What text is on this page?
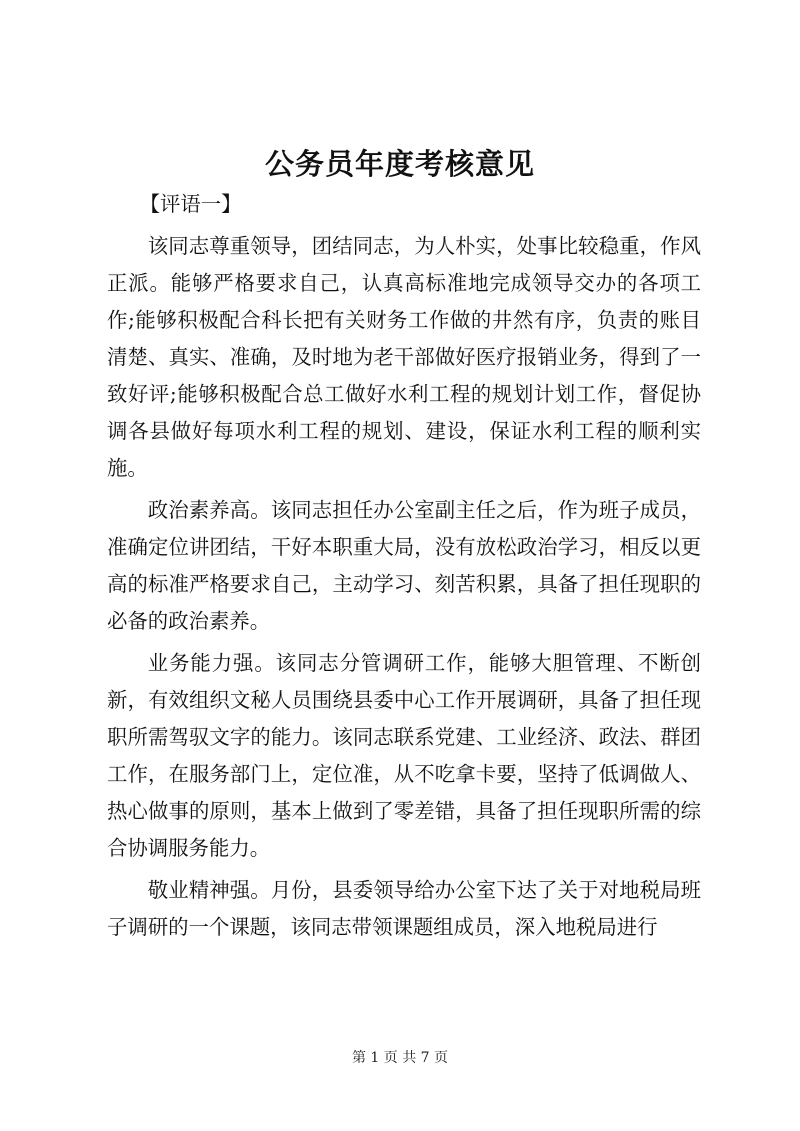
公务员年度考核意见

【评语一】

该同志尊重领导，团结同志，为人朴实，处事比较稳重，作风正派。能够严格要求自己，认真高标准地完成领导交办的各项工作;能够积极配合科长把有关财务工作做的井然有序，负责的账目清楚、真实、准确，及时地为老干部做好医疗报销业务，得到了一致好评;能够积极配合总工做好水利工程的规划计划工作，督促协调各县做好每项水利工程的规划、建设，保证水利工程的顺利实施。

政治素养高。该同志担任办公室副主任之后，作为班子成员，准确定位讲团结，干好本职重大局，没有放松政治学习，相反以更高的标准严格要求自己，主动学习、刻苦积累，具备了担任现职的必备的政治素养。

业务能力强。该同志分管调研工作，能够大胆管理、不断创新，有效组织文秘人员围绕县委中心工作开展调研，具备了担任现职所需驾驭文字的能力。该同志联系党建、工业经济、政法、群团工作，在服务部门上，定位准，从不吃拿卡要，坚持了低调做人、热心做事的原则，基本上做到了零差错，具备了担任现职所需的综合协调服务能力。

敬业精神强。月份，县委领导给办公室下达了关于对地税局班子调研的一个课题，该同志带领课题组成员，深入地税局进行

第 1 页 共 7 页
